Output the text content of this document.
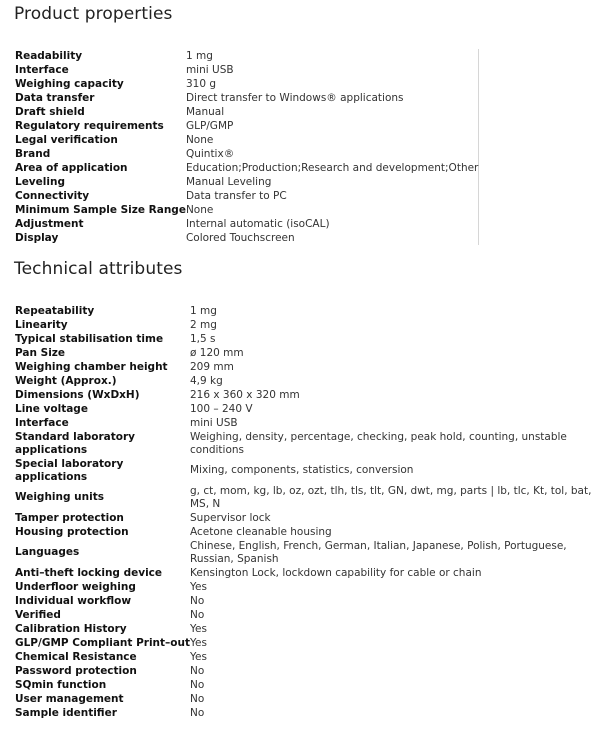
Product properties
Readability	1 mg
Interface	mini USB
Weighing capacity	310 g
Data transfer	Direct transfer to Windows® applications
Draft shield	Manual
Regulatory requirements	GLP/GMP
Legal verification	None
Brand	Quintix®
Area of application	Education;Production;Research and development;Other
Leveling	Manual Leveling
Connectivity	Data transfer to PC
Minimum Sample Size Range	None
Adjustment	Internal automatic (isoCAL)
Display	Colored Touchscreen
Technical attributes
Repeatability	1 mg
Linearity	2 mg
Typical stabilisation time	1,5 s
Pan Size	ø 120 mm
Weighing chamber height	209 mm
Weight (Approx.)	4,9 kg
Dimensions (WxDxH)	216 x 360 x 320 mm
Line voltage	100 – 240 V
Interface	mini USB
Standard laboratory applications	Weighing, density, percentage, checking, peak hold, counting, unstable conditions
Special laboratory applications	Mixing, components, statistics, conversion
Weighing units	g, ct, mom, kg, lb, oz, ozt, tlh, tls, tlt, GN, dwt, mg, parts | lb, tlc, Kt, tol, bat, MS, N
Tamper protection	Supervisor lock
Housing protection	Acetone cleanable housing
Languages	Chinese, English, French, German, Italian, Japanese, Polish, Portuguese, Russian, Spanish
Anti–theft locking device	Kensington Lock, lockdown capability for cable or chain
Underfloor weighing	Yes
Individual workflow	No
Verified	No
Calibration History	Yes
GLP/GMP Compliant Print–out	Yes
Chemical Resistance	Yes
Password protection	No
SQmin function	No
User management	No
Sample identifier	No
